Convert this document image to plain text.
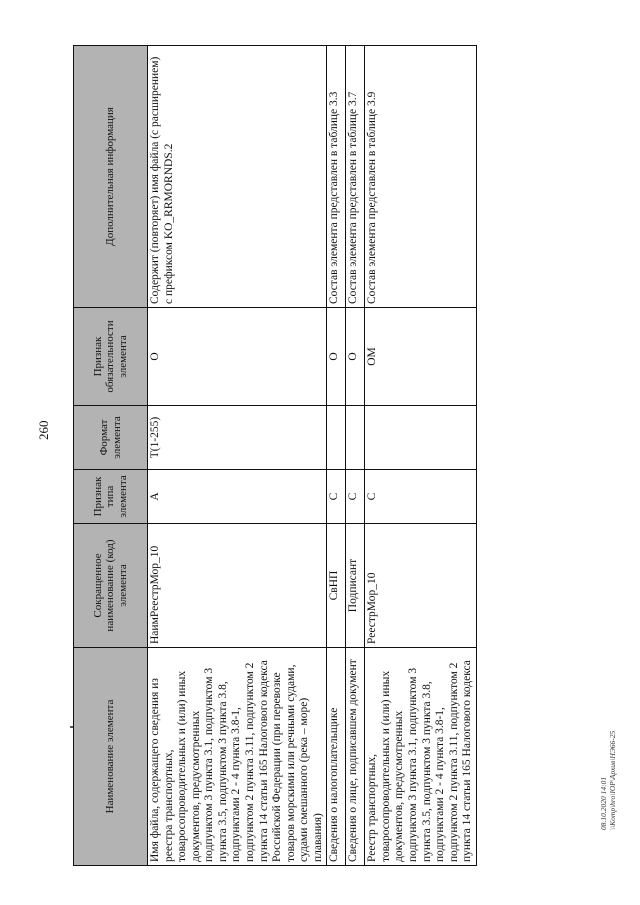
260
Наименование элемента	Сокращенное наименование (код) элемента	Признак типа элемента	Формат элемента	Признак обязательности элемента	Дополнительная информация
Имя файла, содержащего сведения из реестра транспортных, товаросопроводительных и (или) иных документов, предусмотренных подпунктом 3 пункта 3.1, подпунктом 3 пункта 3.5, подпунктом 3 пункта 3.8, подпунктами 2 - 4 пункта 3.8-1, подпунктом 2 пункта 3.11, подпунктом 2 пункта 14 статьи 165 Налогового кодекса Российской Федерации (при перевозке товаров морскими или речными судами, судами смешанного (река – море) плавания)	НаимРеестрМор_10	А	T(1-255)	О	Содержит (повторяет) имя файла (с расширением) с префиксом KO_RRMORNDS.2
Сведения о налогоплательщике	СвНП	С		О	Состав элемента представлен в таблице 3.3
Сведения о лице, подписавшем документ	Подписант	С		О	Состав элемента представлен в таблице 3.7
Реестр транспортных, товаросопроводительных и (или) иных документов, предусмотренных подпунктом 3 пункта 3.1, подпунктом 3 пункта 3.5, подпунктом 3 пункта 3.8, подпунктами 2 - 4 пункта 3.8-1, подпунктом 2 пункта 3.11, подпунктом 2 пункта 14 статьи 165 Налогового кодекса	РеестрМор_10	С		ОМ	Состав элемента представлен в таблице 3.9
08.10.2020 14:01 \\Komp\hro\ЮР\Архив\НЭ66-25
